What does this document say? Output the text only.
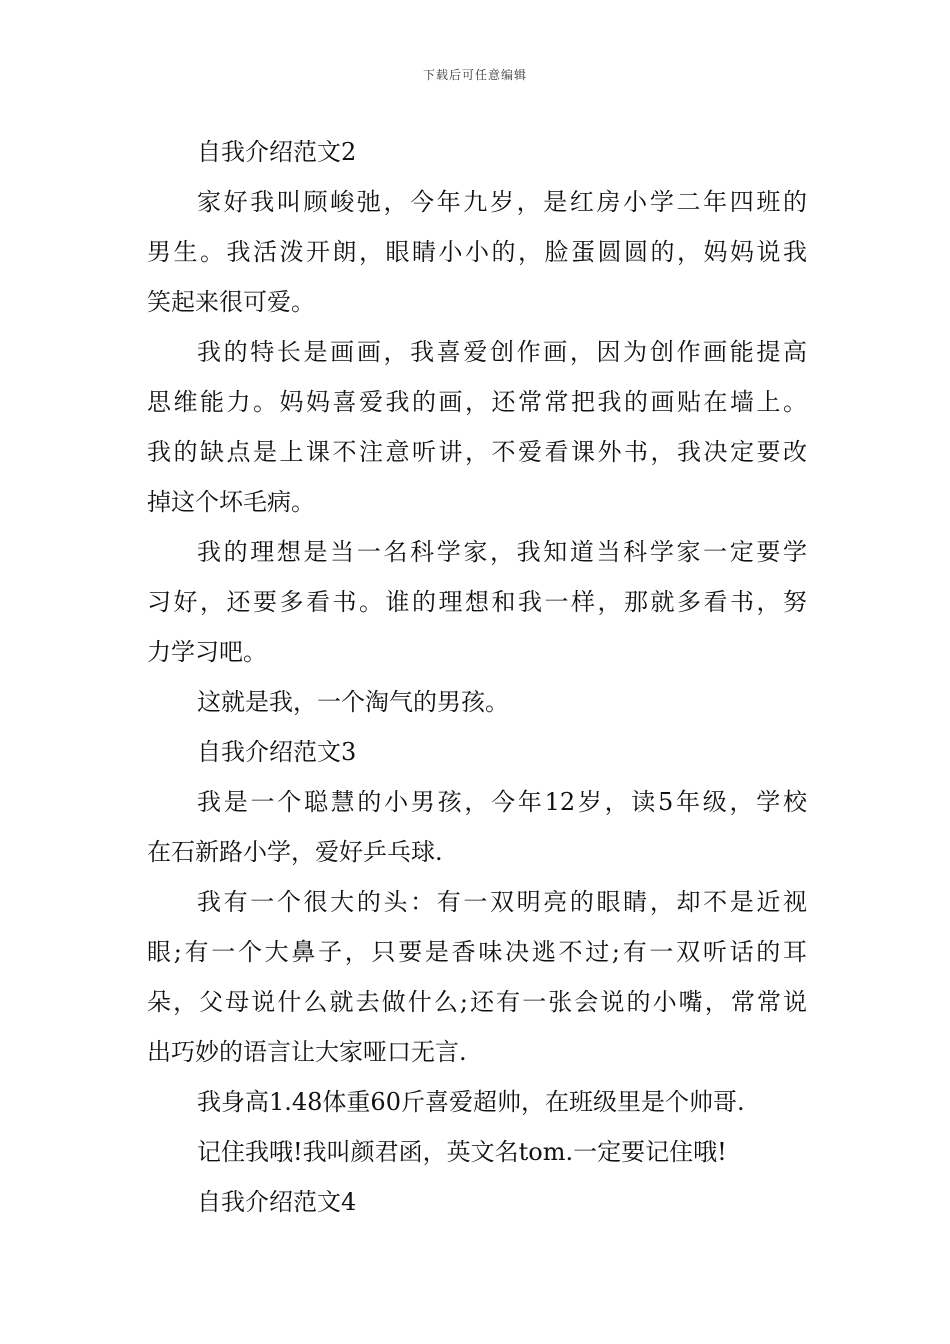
下载后可任意编辑
自我介绍范文2
家好我叫顾峻弛，今年九岁，是红房小学二年四班的
男生。我活泼开朗，眼睛小小的，脸蛋圆圆的，妈妈说我
笑起来很可爱。
我的特长是画画，我喜爱创作画，因为创作画能提高
思维能力。妈妈喜爱我的画，还常常把我的画贴在墙上。
我的缺点是上课不注意听讲，不爱看课外书，我决定要改
掉这个坏毛病。
我的理想是当一名科学家，我知道当科学家一定要学
习好，还要多看书。谁的理想和我一样，那就多看书，努
力学习吧。
这就是我，一个淘气的男孩。
自我介绍范文3
我是一个聪慧的小男孩，今年12岁，读5年级，学校
在石新路小学，爱好乒乓球.
我有一个很大的头：有一双明亮的眼睛，却不是近视
眼;有一个大鼻子，只要是香味决逃不过;有一双听话的耳
朵，父母说什么就去做什么;还有一张会说的小嘴，常常说
出巧妙的语言让大家哑口无言.
我身高1.48体重60斤喜爱超帅，在班级里是个帅哥.
记住我哦!我叫颜君函，英文名tom.一定要记住哦!
自我介绍范文4
